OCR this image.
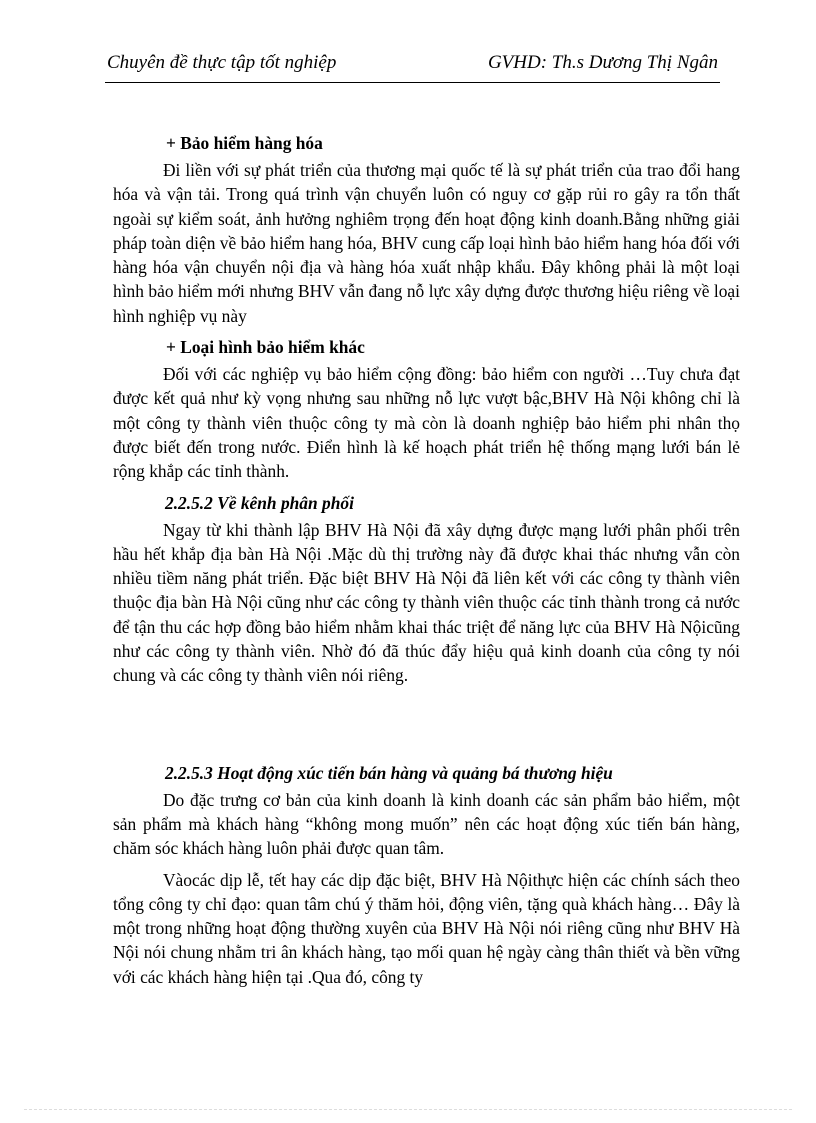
Chuyên đề thực tập tốt nghiệp	GVHD: Th.s Dương Thị Ngân

+ Bảo hiểm hàng hóa

Đi liền với sự phát triển của thương mại quốc tế là sự phát triển của trao đổi hang hóa và vận tải. Trong quá trình vận chuyển luôn có nguy cơ gặp rủi ro gây ra tổn thất ngoài sự kiểm soát, ảnh hưởng nghiêm trọng đến hoạt động kinh doanh.Bằng những giải pháp toàn diện về bảo hiểm hang hóa, BHV cung cấp loại hình bảo hiểm hang hóa đối với hàng hóa vận chuyển nội địa và hàng hóa xuất nhập khẩu. Đây không phải là một loại hình bảo hiểm mới nhưng BHV vẫn đang nỗ lực xây dựng được thương hiệu riêng về loại hình nghiệp vụ này

+ Loại hình bảo hiểm khác

Đối với các nghiệp vụ bảo hiểm cộng đồng: bảo hiểm con người …Tuy chưa đạt được kết quả như kỳ vọng nhưng sau những nỗ lực vượt bậc,BHV Hà Nội không chỉ là một công ty thành viên thuộc công ty mà còn là doanh nghiệp bảo hiểm phi nhân thọ được biết đến trong nước. Điển hình là kế hoạch phát triển hệ thống mạng lưới bán lẻ rộng khắp các tỉnh thành.

2.2.5.2 Về kênh phân phối

Ngay từ khi thành lập BHV Hà Nội đã xây dựng được mạng lưới phân phối trên hầu hết khắp địa bàn Hà Nội .Mặc dù thị trường này đã được khai thác nhưng vẫn còn nhiều tiềm năng phát triển. Đặc biệt BHV Hà Nội đã liên kết với các công ty thành viên thuộc địa bàn Hà Nội cũng như các công ty thành viên thuộc các tỉnh thành trong cả nước để tận thu các hợp đồng bảo hiểm nhằm khai thác triệt để năng lực của BHV Hà Nộicũng như các công ty thành viên. Nhờ đó đã thúc đẩy hiệu quả kinh doanh của công ty nói chung và các công ty thành viên nói riêng.

2.2.5.3 Hoạt động xúc tiến bán hàng và quảng bá thương hiệu

Do đặc trưng cơ bản của kinh doanh là kinh doanh các sản phẩm bảo hiểm, một sản phẩm mà khách hàng “không mong muốn” nên các hoạt động xúc tiến bán hàng, chăm sóc khách hàng luôn phải được quan tâm.

Vàocác dịp lễ, tết hay các dịp đặc biệt, BHV Hà Nộithực hiện các chính sách theo tổng công ty chỉ đạo: quan tâm chú ý thăm hỏi, động viên, tặng quà khách hàng… Đây là một trong những hoạt động thường xuyên của BHV Hà Nội nói riêng cũng như BHV Hà Nội nói chung nhằm tri ân khách hàng, tạo mối quan hệ ngày càng thân thiết và bền vững với các khách hàng hiện tại .Qua đó, công ty
